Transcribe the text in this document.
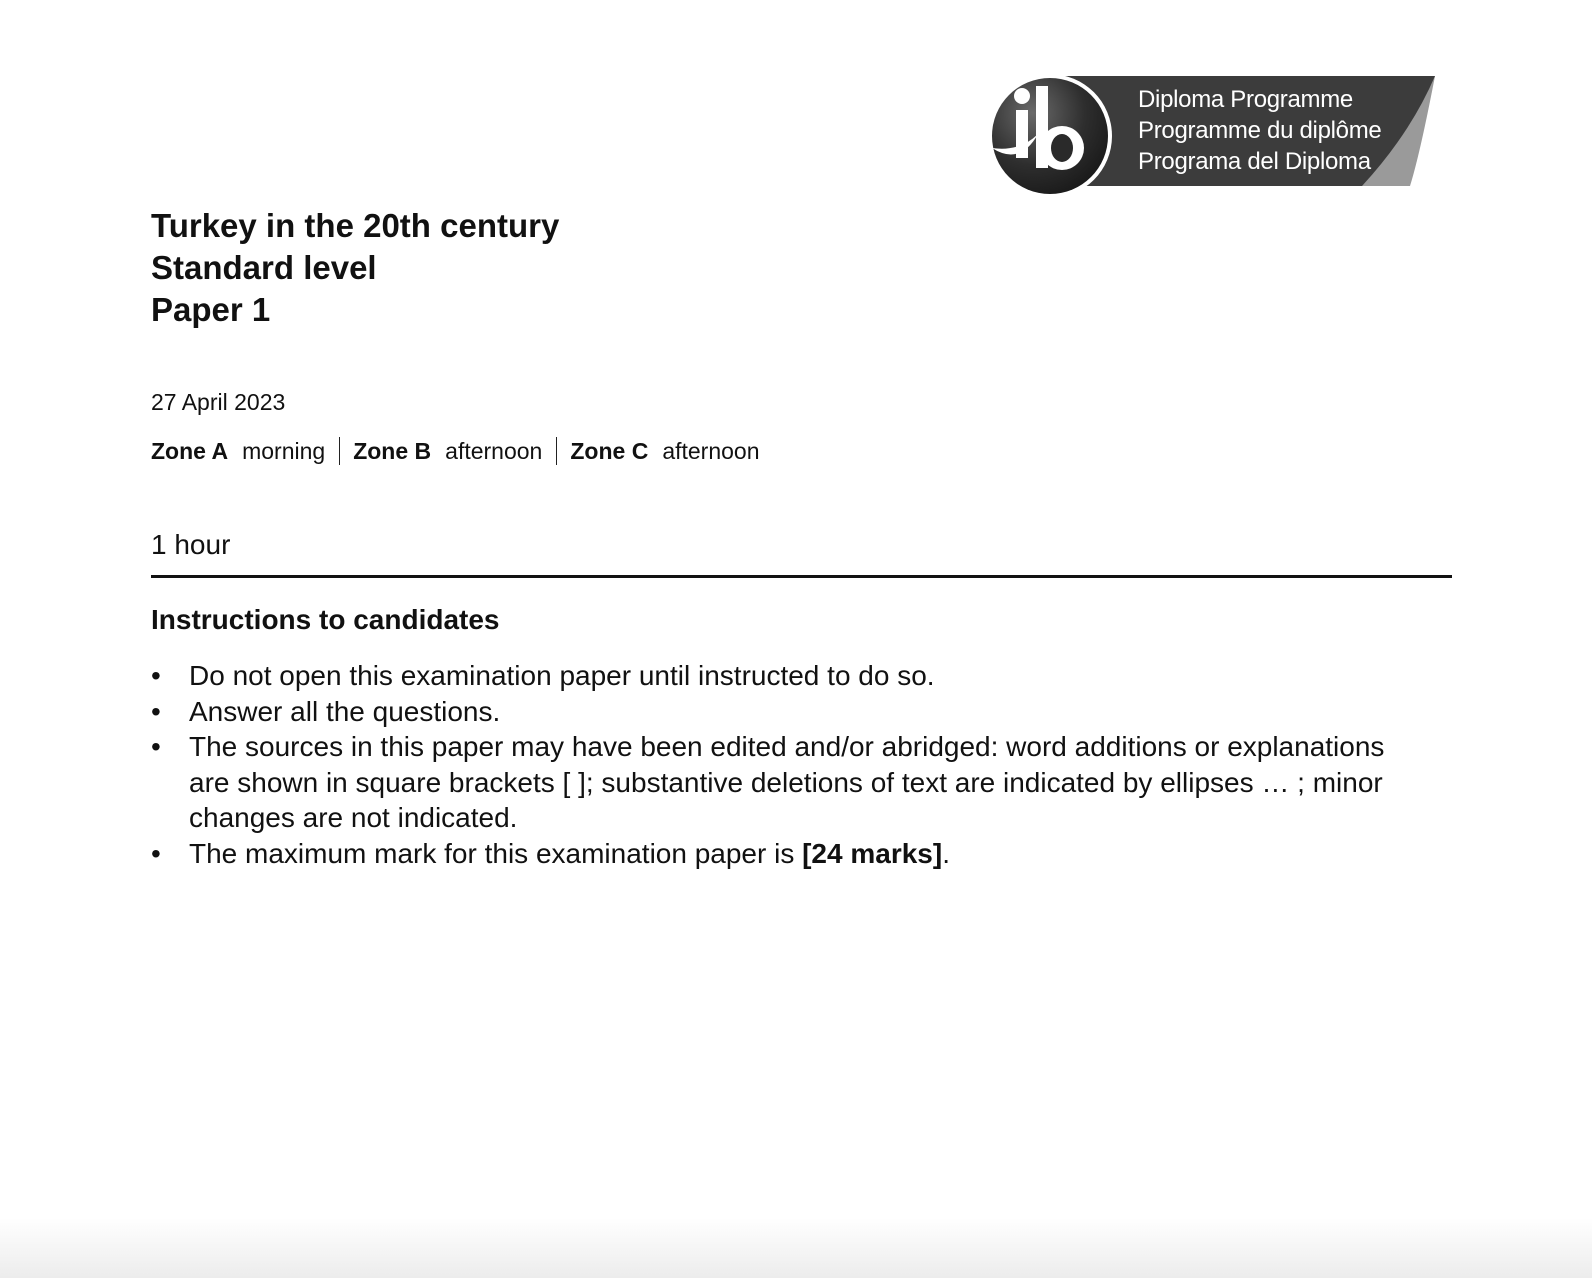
Diploma Programme
Programme du diplôme
Programa del Diploma
Turkey in the 20th century
Standard level
Paper 1
27 April 2023
Zone A morning Zone B afternoon Zone C afternoon
1 hour
Instructions to candidates
• Do not open this examination paper until instructed to do so.
• Answer all the questions.
• The sources in this paper may have been edited and/or abridged: word additions or explanations are shown in square brackets [ ]; substantive deletions of text are indicated by ellipses … ; minor changes are not indicated.
• The maximum mark for this examination paper is [24 marks].
